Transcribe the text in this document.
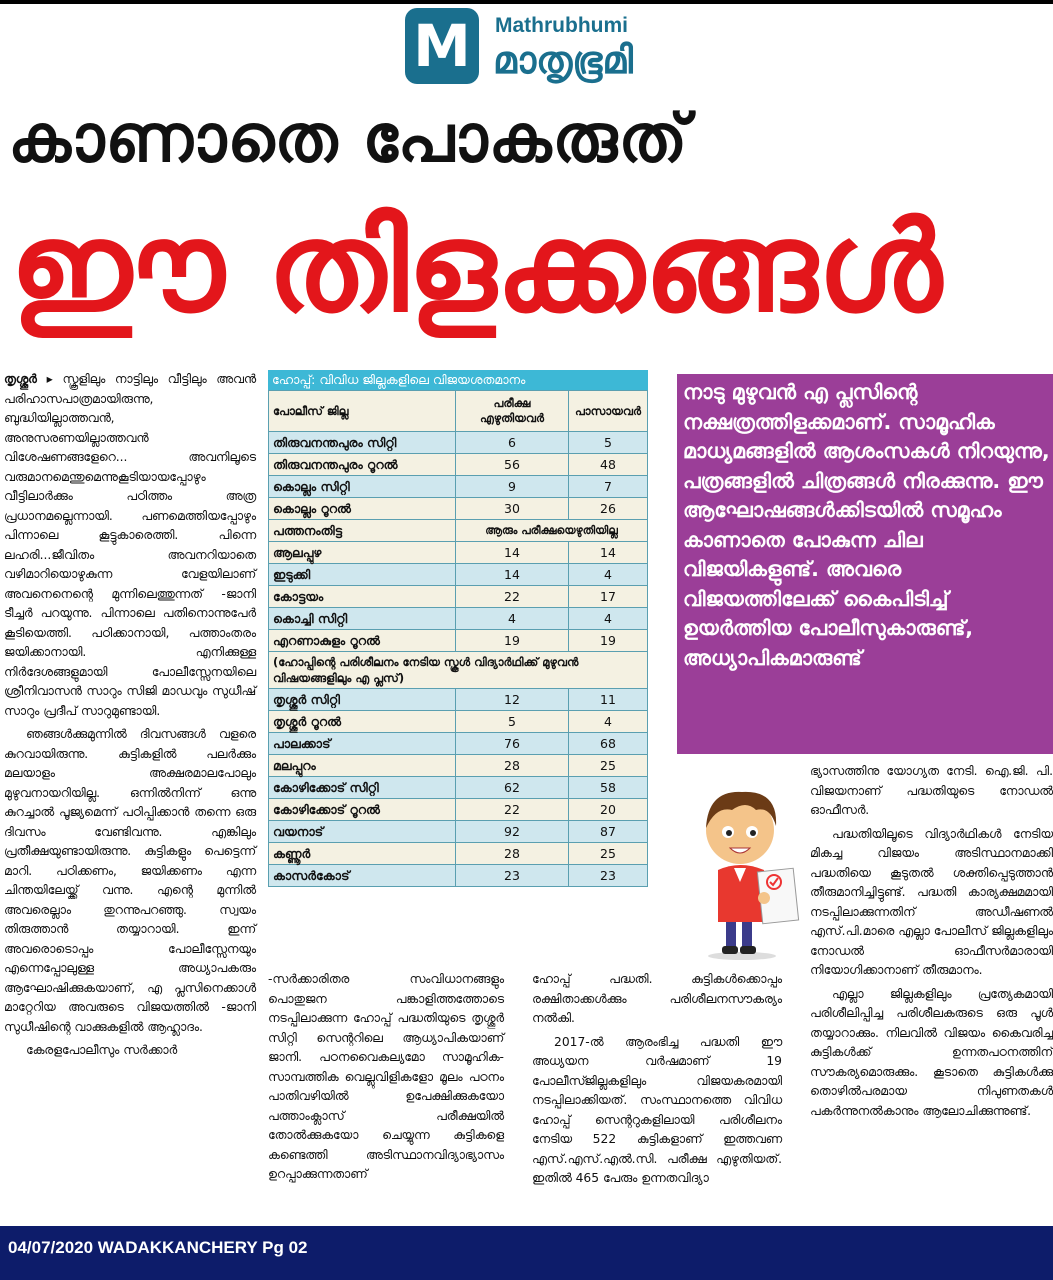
M	Mathrubhumi
മാതൃഭൂമി
കാണാതെ പോകരുത്
ഈ തിളക്കങ്ങൾ

തൃശ്ശൂർ ▸ സ്കൂളിലും നാട്ടിലും വീട്ടിലും അവൻ പരിഹാസപാത്രമായിരുന്നു, ബുദ്ധിയില്ലാത്തവൻ, അനുസരണയില്ലാത്തവൻ വിശേഷണങ്ങളേറെ... അവനിലൂടെ വരുമാനമെന്തുമെന്നുകൂടിയായപ്പോഴും വീട്ടിലാർക്കും പഠിത്തം അത്ര പ്രധാനമല്ലെന്നായി. പണമെത്തിയപ്പോഴും പിന്നാലെ കൂട്ടുകാരെത്തി. പിന്നെ ലഹരി...ജീവിതം അവനറിയാതെ വഴിമാറിയൊഴുകുന്ന വേളയിലാണ് അവനെനെന്റെ മുന്നിലെത്തുന്നത് -ജാനി ടീച്ചർ പറയുന്നു. പിന്നാലെ പതിനൊന്നുപേർ കൂടിയെത്തി. പഠിക്കാനായി, പത്താംതരം ജയിക്കാനായി. എനിക്കുള്ള നിർദേശങ്ങളുമായി പോലീസ്സേനയിലെ ശ്രീനിവാസൻ സാറും സിജി മാഡവും സുധീഷ് സാറും പ്രദീപ് സാറുമുണ്ടായി.

ഞങ്ങൾക്കുമുന്നിൽ ദിവസങ്ങൾ വളരെ കുറവായിരുന്നു. കുട്ടികളിൽ പലർക്കും മലയാളം അക്ഷരമാലപോലും മുഴുവനായറിയില്ല. ഒന്നിൽനിന്ന് ഒന്നു കുറച്ചാൽ പൂജ്യമെന്ന് പഠിപ്പിക്കാൻ തന്നെ ഒരു ദിവസം വേണ്ടിവന്നു. എങ്കിലും പ്രതീക്ഷയുണ്ടായിരുന്നു. കുട്ടികളും പെട്ടെന്ന് മാറി. പഠിക്കണം, ജയിക്കണം എന്ന ചിന്തയിലേയ്ക്ക് വന്നു. എന്റെ മുന്നിൽ അവരെല്ലാം തുറന്നുപറഞ്ഞു. സ്വയം തിരുത്താൻ തയ്യാറായി. ഇന്ന് അവരൊടൊപ്പം പോലീസ്സേനയും എന്നെപ്പോലുള്ള അധ്യാപകരും ആഘോഷിക്കുകയാണ്, എ പ്ലസിനെക്കാൾ മാറ്റേറിയ അവരുടെ വിജയത്തിൽ -ജാനി സുധീഷിന്റെ വാക്കുകളിൽ ആഹ്ലാദം.

കേരളപോലീസും സർക്കാർ

ഹോപ്പ്: വിവിധ ജില്ലകളിലെ വിജയശതമാനം
പോലീസ് ജില്ല	പരീക്ഷ എഴുതിയവർ	പാസായവർ
തിരുവനന്തപുരം സിറ്റി	6	5
തിരുവനന്തപുരം റൂറൽ	56	48
കൊല്ലം സിറ്റി	9	7
കൊല്ലം റൂറൽ	30	26
പത്തനംതിട്ട	ആരും പരീക്ഷയെഴുതിയില്ല	
ആലപ്പുഴ	14	14
ഇടുക്കി	14	4
കോട്ടയം	22	17
കൊച്ചി സിറ്റി	4	4
എറണാകുളം റൂറൽ	19	19
(ഹോപ്പിന്റെ പരിശീലനം നേടിയ സ്കൂൾ വിദ്യാർഥിക്ക് മുഴുവൻ വിഷയങ്ങളിലും എ പ്ലസ്)		
തൃശ്ശൂർ സിറ്റി	12	11
തൃശ്ശൂർ റൂറൽ	5	4
പാലക്കാട്	76	68
മലപ്പുറം	28	25
കോഴിക്കോട് സിറ്റി	62	58
കോഴിക്കോട് റൂറൽ	22	20
വയനാട്	92	87
കണ്ണൂർ	28	25
കാസർകോട്	23	23
നാടു മുഴുവൻ എ പ്ലസിന്റെ നക്ഷത്രത്തിളക്കമാണ്. സാമൂഹിക മാധ്യമങ്ങളിൽ ആശംസകൾ നിറയുന്നു, പത്രങ്ങളിൽ ചിത്രങ്ങൾ നിരക്കുന്നു. ഈ ആഘോഷങ്ങൾക്കിടയിൽ സമൂഹം കാണാതെ പോകുന്ന ചില വിജയികളുണ്ട്. അവരെ വിജയത്തിലേക്ക് കൈപിടിച്ച് ഉയർത്തിയ പോലീസുകാരുണ്ട്, അധ്യാപികമാരുണ്ട്

-സർക്കാരിതര സംവിധാനങ്ങളും പൊതുജന പങ്കാളിത്തത്തോടെ നടപ്പിലാക്കുന്ന ഹോപ്പ് പദ്ധതിയുടെ തൃശ്ശൂർ സിറ്റി സെന്ററിലെ ആധ്യാപികയാണ് ജാനി. പഠനവൈകല്യമോ സാമൂഹിക-സാമ്പത്തിക വെല്ലുവിളികളോ മൂലം പഠനം പാതിവഴിയിൽ ഉപേക്ഷിക്കുകയോ പത്താംക്ലാസ് പരീക്ഷയിൽ തോൽക്കുകയോ ചെയ്യുന്ന കുട്ടികളെ കണ്ടെത്തി അടിസ്ഥാനവിദ്യാഭ്യാസം ഉറപ്പാക്കുന്നതാണ്

ഹോപ്പ് പദ്ധതി. കുട്ടികൾക്കൊപ്പം രക്ഷിതാക്കൾക്കും പരിശീലനസൗകര്യം നൽകി.

2017-ൽ ആരംഭിച്ച പദ്ധതി ഈ അധ്യയന വർഷമാണ് 19 പോലീസ്ജില്ലകളിലും വിജയകരമായി നടപ്പിലാക്കിയത്. സംസ്ഥാനത്തെ വിവിധ ഹോപ്പ് സെന്ററുകളിലായി പരിശീലനം നേടിയ 522 കുട്ടികളാണ് ഇത്തവണ എസ്.എസ്.എൽ.സി. പരീക്ഷ എഴുതിയത്. ഇതിൽ 465 പേരും ഉന്നതവിദ്യാ

ഭ്യാസത്തിനു യോഗ്യത നേടി. ഐ.ജി. പി. വിജയനാണ് പദ്ധതിയുടെ നോഡൽ ഓഫീസർ.

പദ്ധതിയിലൂടെ വിദ്യാർഥികൾ നേടിയ മികച്ച വിജയം അടിസ്ഥാനമാക്കി പദ്ധതിയെ കൂടുതൽ ശക്തിപ്പെടുത്താൻ തീരുമാനിച്ചിട്ടുണ്ട്. പദ്ധതി കാര്യക്ഷമമായി നടപ്പിലാക്കുന്നതിന് അഡീഷണൽ എസ്.പി.മാരെ എല്ലാ പോലീസ് ജില്ലകളിലും നോഡൽ ഓഫീസർമാരായി നിയോഗിക്കാനാണ് തീരുമാനം.

എല്ലാ ജില്ലകളിലും പ്രത്യേകമായി പരിശീലിപ്പിച്ച പരിശീലകരുടെ ഒരു പൂൾ തയ്യാറാക്കും. നിലവിൽ വിജയം കൈവരിച്ച കുട്ടികൾക്ക് ഉന്നതപഠനത്തിന് സൗകര്യമൊരുക്കും. കൂടാതെ കുട്ടികൾക്കു തൊഴിൽപരമായ നിപുണതകൾ പകർന്നുനൽകാനും ആലോചിക്കുന്നുണ്ട്.

04/07/2020 WADAKKANCHERY Pg 02
